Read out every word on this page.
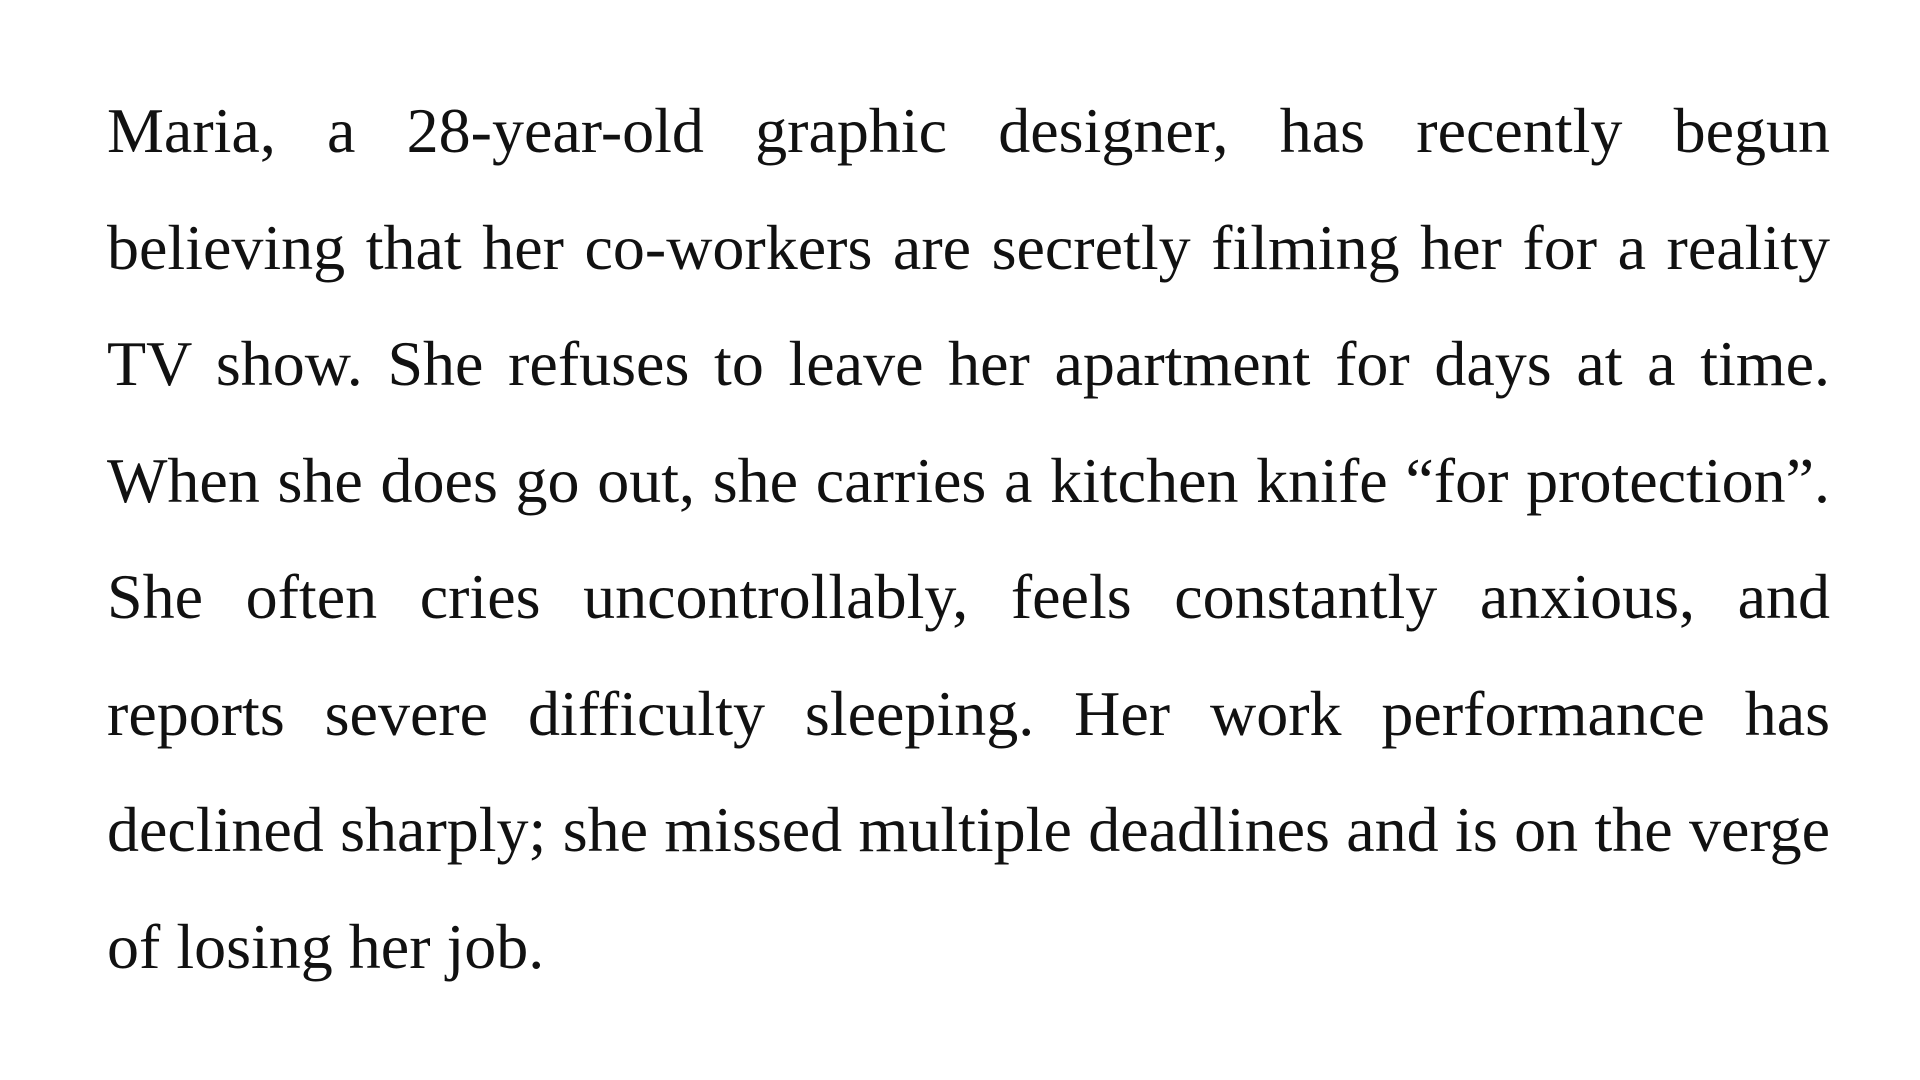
Maria, a 28-year-old graphic designer, has recently begun believing that her co-workers are secretly filming her for a reality TV show. She refuses to leave her apartment for days at a time. When she does go out, she carries a kitchen knife “for protection”. She often cries uncontrollably, feels constantly anxious, and reports severe difficulty sleeping. Her work performance has declined sharply; she missed multiple deadlines and is on the verge of losing her job.
